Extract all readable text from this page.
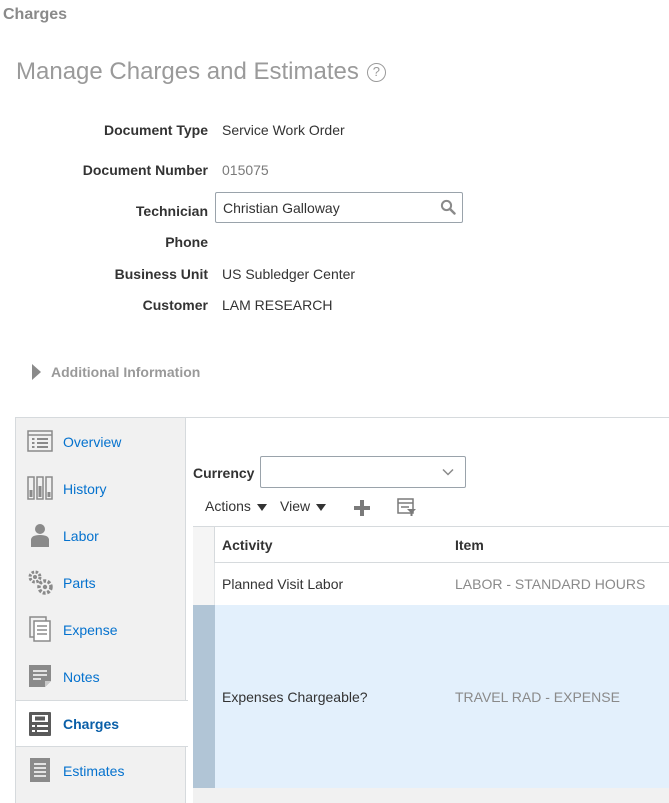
Charges
Manage Charges and Estimates	?
Document Type Service Work Order
Document Number 015075
Technician	Christian Galloway
Phone
Business Unit US Subledger Center
Customer LAM RESEARCH
Additional Information
Overview
History
Labor
Parts
Expense
Notes
Charges
Estimates
Currency
Actions View
Activity	Item
Planned Visit Labor	LABOR - STANDARD HOURS
Expenses Chargeable?	TRAVEL RAD - EXPENSE
